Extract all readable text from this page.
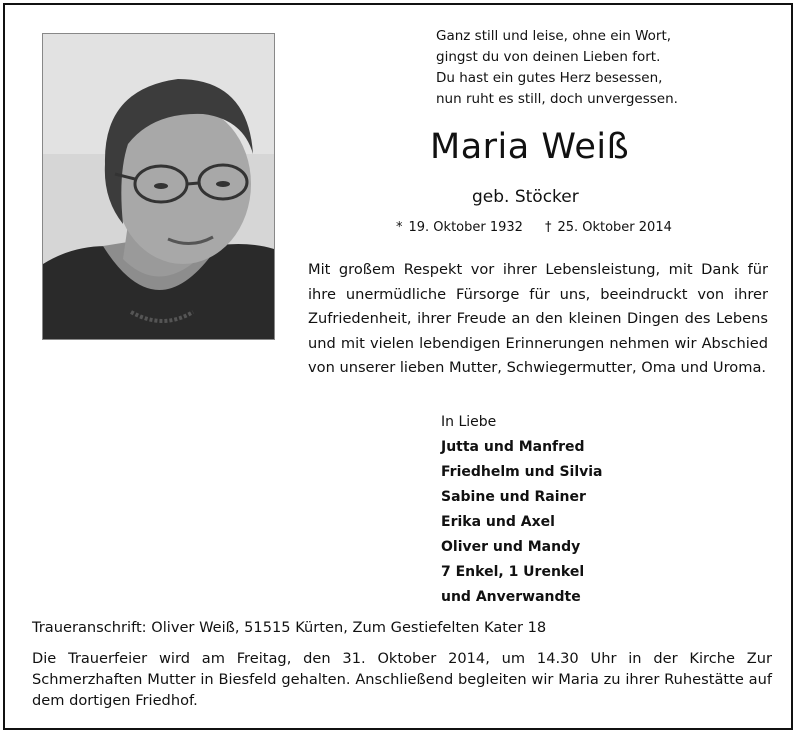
Ganz still und leise, ohne ein Wort,
gingst du von deinen Lieben fort.
Du hast ein gutes Herz besessen,
nun ruht es still, doch unvergessen.
Maria Weiß
geb. Stöcker
* 19. Oktober 1932 † 25. Oktober 2014
Mit großem Respekt vor ihrer Lebensleistung, mit Dank für ihre unermüdliche Fürsorge für uns, beeindruckt von ihrer Zufriedenheit, ihrer Freude an den kleinen Dingen des Lebens und mit vielen lebendigen Erinnerungen nehmen wir Abschied von unserer lieben Mutter, Schwiegermutter, Oma und Uroma.
In Liebe
Jutta und Manfred
Friedhelm und Silvia
Sabine und Rainer
Erika und Axel
Oliver und Mandy
7 Enkel, 1 Urenkel
und Anverwandte
Traueranschrift: Oliver Weiß, 51515 Kürten, Zum Gestiefelten Kater 18
Die Trauerfeier wird am Freitag, den 31. Oktober 2014, um 14.30 Uhr in der Kirche Zur Schmerzhaften Mutter in Biesfeld gehalten. Anschließend begleiten wir Maria zu ihrer Ruhestätte auf dem dortigen Friedhof.
